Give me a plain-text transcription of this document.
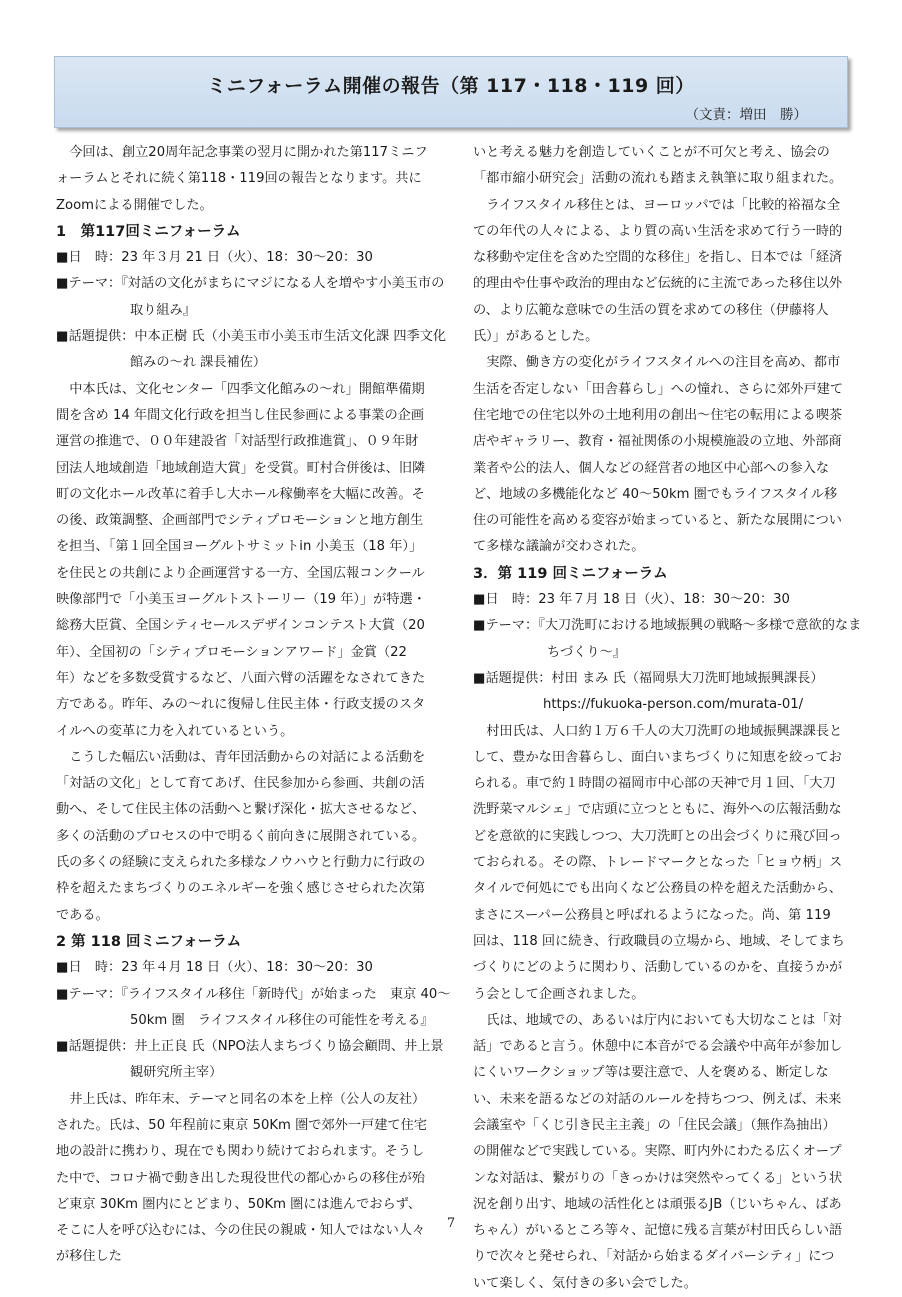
ミニフォーラム開催の報告（第 117・118・119 回）
（文責：増田　勝）

今回は、創立20周年記念事業の翌月に開かれた第117ミニフォーラムとそれに続く第118・119回の報告となります。共にZoomによる開催でした。

1　第117回ミニフォーラム

■日　時：23 年３月 21 日（火）、18：30〜20：30

■テーマ：『対話の文化がまちにマジになる人を増やす小美玉市の

取り組み』

■話題提供：中本正樹 氏（小美玉市小美玉市生活文化課 四季文化

館みの〜れ 課長補佐）

中本氏は、文化センター「四季文化館みの〜れ」開館準備期間を含め 14 年間文化行政を担当し住民参画による事業の企画運営の推進で、００年建設省「対話型行政推進賞」、０９年財団法人地域創造「地域創造大賞」を受賞。町村合併後は、旧隣町の文化ホール改革に着手し大ホール稼働率を大幅に改善。その後、政策調整、企画部門でシティプロモーションと地方創生を担当、「第１回全国ヨーグルトサミットin 小美玉（18 年）」を住民との共創により企画運営する一方、全国広報コンクール映像部門で「小美玉ヨーグルトストーリー（19 年）」が特選・総務大臣賞、全国シティセールスデザインコンテスト大賞（20 年）、全国初の「シティプロモーションアワード」金賞（22 年）などを多数受賞するなど、八面六臂の活躍をなされてきた方である。昨年、みの〜れに復帰し住民主体・行政支援のスタイルへの変革に力を入れているという。

こうした幅広い活動は、青年団活動からの対話による活動を「対話の文化」として育てあげ、住民参加から参画、共創の活動へ、そして住民主体の活動へと繋げ深化・拡大させるなど、多くの活動のプロセスの中で明るく前向きに展開されている。氏の多くの経験に支えられた多様なノウハウと行動力に行政の枠を超えたまちづくりのエネルギーを強く感じさせられた次第である。

2 第 118 回ミニフォーラム

■日　時：23 年４月 18 日（火）、18：30〜20：30

■テーマ：『ライフスタイル移住「新時代」が始まった　東京 40〜

50km 圏　ライフスタイル移住の可能性を考える』

■話題提供：井上正良 氏（NPO法人まちづくり協会顧問、井上景

観研究所主宰）

井上氏は、昨年末、テーマと同名の本を上梓（公人の友社）された。氏は、50 年程前に東京 50Km 圏で郊外一戸建て住宅地の設計に携わり、現在でも関わり続けておられます。そうした中で、コロナ禍で動き出した現役世代の都心からの移住が殆ど東京 30Km 圏内にとどまり、50Km 圏には進んでおらず、そこに人を呼び込むには、今の住民の親戚・知人ではない人々が移住した

いと考える魅力を創造していくことが不可欠と考え、協会の「都市縮小研究会」活動の流れも踏まえ執筆に取り組まれた。

ライフスタイル移住とは、ヨーロッパでは「比較的裕福な全ての年代の人々による、より質の高い生活を求めて行う一時的な移動や定住を含めた空間的な移住」を指し、日本では「経済的理由や仕事や政治的理由など伝統的に主流であった移住以外の、より広範な意味での生活の質を求めての移住（伊藤将人氏）」があるとした。

実際、働き方の変化がライフスタイルへの注目を高め、都市生活を否定しない「田舎暮らし」への憧れ、さらに郊外戸建て住宅地での住宅以外の土地利用の創出〜住宅の転用による喫茶店やギャラリー、教育・福祉関係の小規模施設の立地、外部商業者や公的法人、個人などの経営者の地区中心部への参入など、地域の多機能化など 40〜50km 圏でもライフスタイル移住の可能性を高める変容が始まっていると、新たな展開について多様な議論が交わされた。

3．第 119 回ミニフォーラム

■日　時：23 年７月 18 日（火）、18：30〜20：30

■テーマ：『大刀洗町における地域振興の戦略〜多様で意欲的なま

ちづくり〜』

■話題提供：村田 まみ 氏（福岡県大刀洗町地域振興課長）

https://fukuoka-person.com/murata-01/

村田氏は、人口約１万６千人の大刀洗町の地域振興課課長として、豊かな田舎暮らし、面白いまちづくりに知恵を絞っておられる。車で約１時間の福岡市中心部の天神で月１回、「大刀洗野菜マルシェ」で店頭に立つとともに、海外への広報活動などを意欲的に実践しつつ、大刀洗町との出会づくりに飛び回っておられる。その際、トレードマークとなった「ヒョウ柄」スタイルで何処にでも出向くなど公務員の枠を超えた活動から、まさにスーパー公務員と呼ばれるようになった。尚、第 119 回は、118 回に続き、行政職員の立場から、地域、そしてまちづくりにどのように関わり、活動しているのかを、直接うかがう会として企画されました。

氏は、地域での、あるいは庁内においても大切なことは「対話」であると言う。休憩中に本音がでる会議や中高年が参加しにくいワークショップ等は要注意で、人を褒める、断定しない、未来を語るなどの対話のルールを持ちつつ、例えば、未来会議室や「くじ引き民主主義」の「住民会議」（無作為抽出）の開催などで実践している。実際、町内外にわたる広くオープンな対話は、繋がりの「きっかけは突然やってくる」という状況を創り出す、地域の活性化とは頑張るJB（じいちゃん、ばあちゃん）がいるところ等々、記憶に残る言葉が村田氏らしい語りで次々と発せられ、「対話から始まるダイバーシティ」について楽しく、気付きの多い会でした。

7
